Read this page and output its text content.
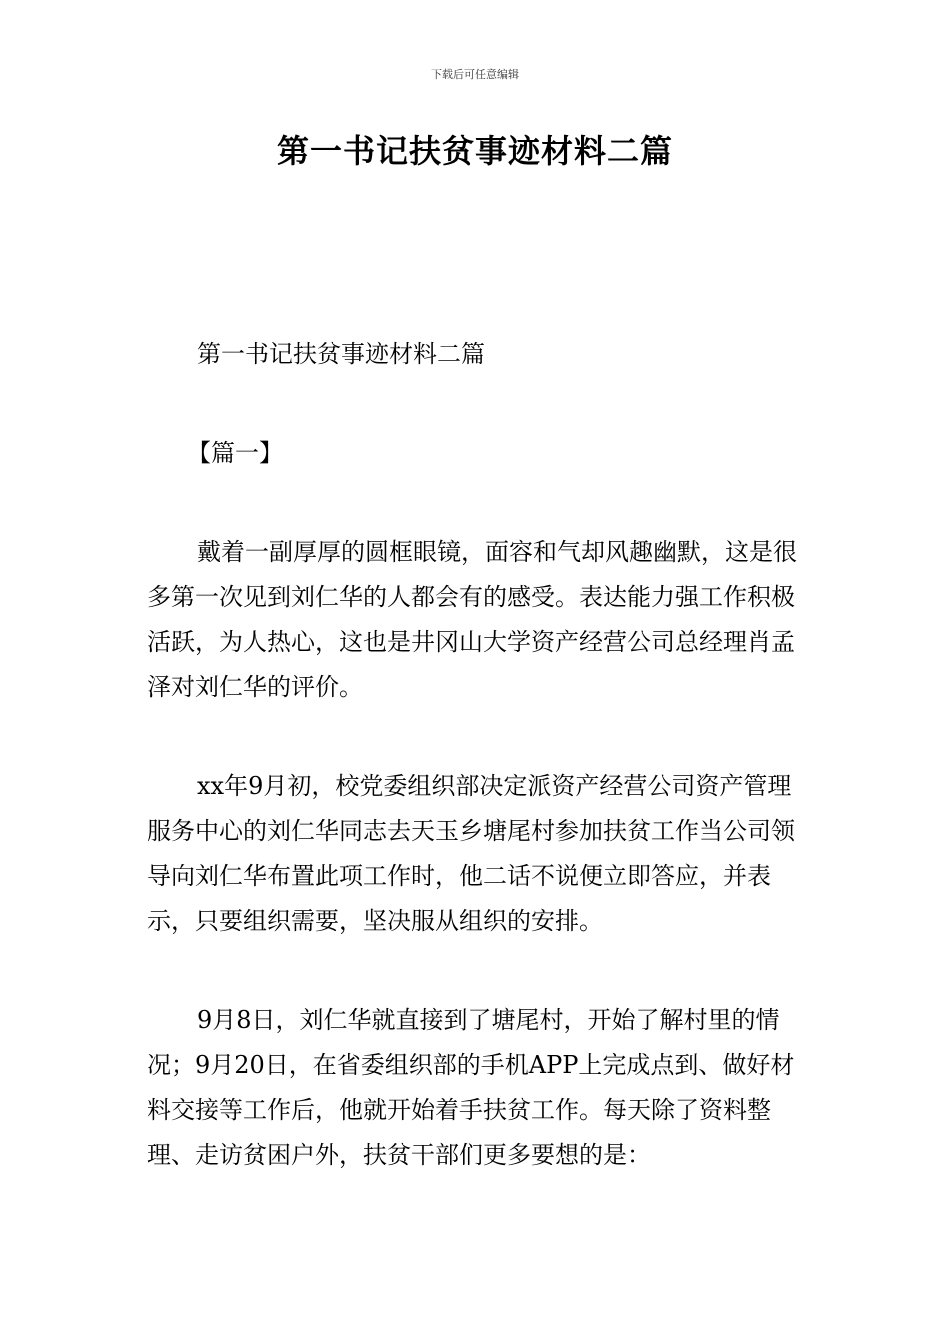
下载后可任意编辑
第一书记扶贫事迹材料二篇
第一书记扶贫事迹材料二篇
【篇一】

戴着一副厚厚的圆框眼镜，面容和气却风趣幽默，这是很多第一次见到刘仁华的人都会有的感受。表达能力强工作积极活跃，为人热心，这也是井冈山大学资产经营公司总经理肖孟泽对刘仁华的评价。

xx年9月初，校党委组织部决定派资产经营公司资产管理服务中心的刘仁华同志去天玉乡塘尾村参加扶贫工作当公司领导向刘仁华布置此项工作时，他二话不说便立即答应，并表示，只要组织需要，坚决服从组织的安排。

9月8日，刘仁华就直接到了塘尾村，开始了解村里的情况；9月20日，在省委组织部的手机APP上完成点到、做好材料交接等工作后，他就开始着手扶贫工作。每天除了资料整理、走访贫困户外，扶贫干部们更多要想的是：
